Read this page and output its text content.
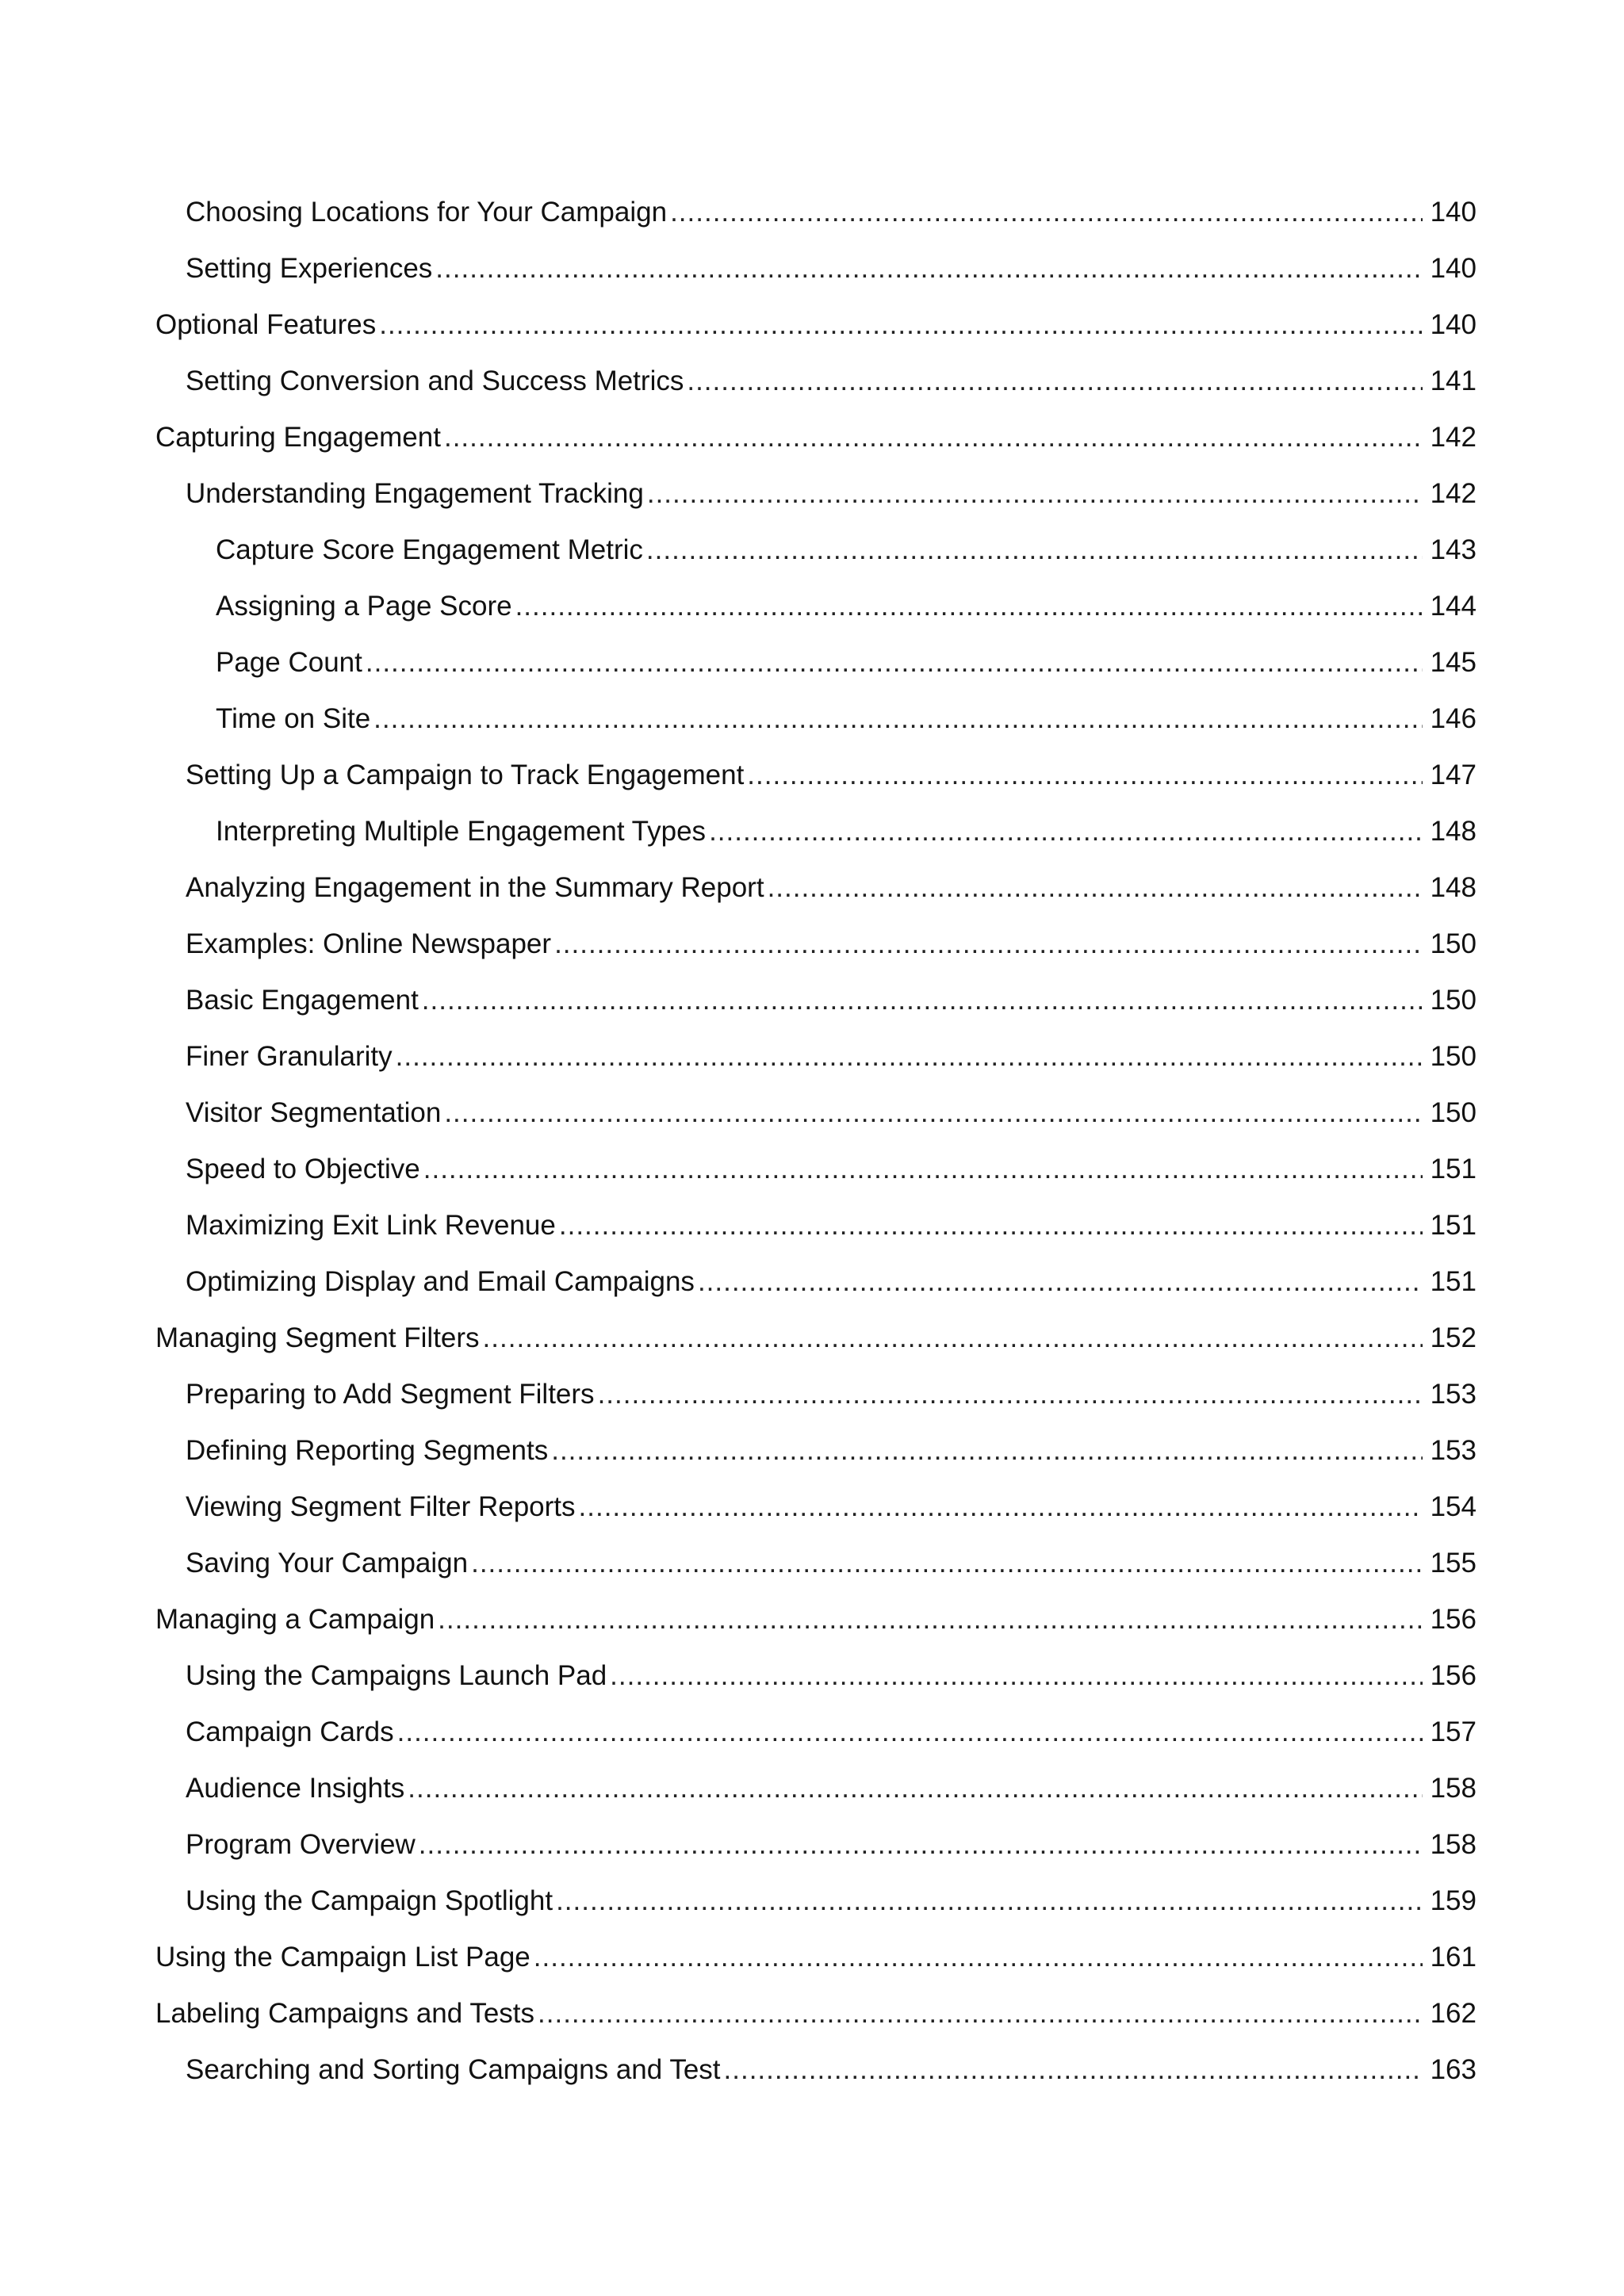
Choosing Locations for Your Campaign .....	140
Setting Experiences .....	140
Optional Features .....	140
Setting Conversion and Success Metrics .....	141
Capturing Engagement .....	142
Understanding Engagement Tracking .....	142
Capture Score Engagement Metric .....	143
Assigning a Page Score .....	144
Page Count .....	145
Time on Site .....	146
Setting Up a Campaign to Track Engagement .....	147
Interpreting Multiple Engagement Types .....	148
Analyzing Engagement in the Summary Report .....	148
Examples: Online Newspaper .....	150
Basic Engagement .....	150
Finer Granularity .....	150
Visitor Segmentation .....	150
Speed to Objective .....	151
Maximizing Exit Link Revenue .....	151
Optimizing Display and Email Campaigns .....	151
Managing Segment Filters .....	152
Preparing to Add Segment Filters .....	153
Defining Reporting Segments .....	153
Viewing Segment Filter Reports .....	154
Saving Your Campaign .....	155
Managing a Campaign .....	156
Using the Campaigns Launch Pad .....	156
Campaign Cards .....	157
Audience Insights .....	158
Program Overview .....	158
Using the Campaign Spotlight .....	159
Using the Campaign List Page .....	161
Labeling Campaigns and Tests .....	162
Searching and Sorting Campaigns and Test .....	163
